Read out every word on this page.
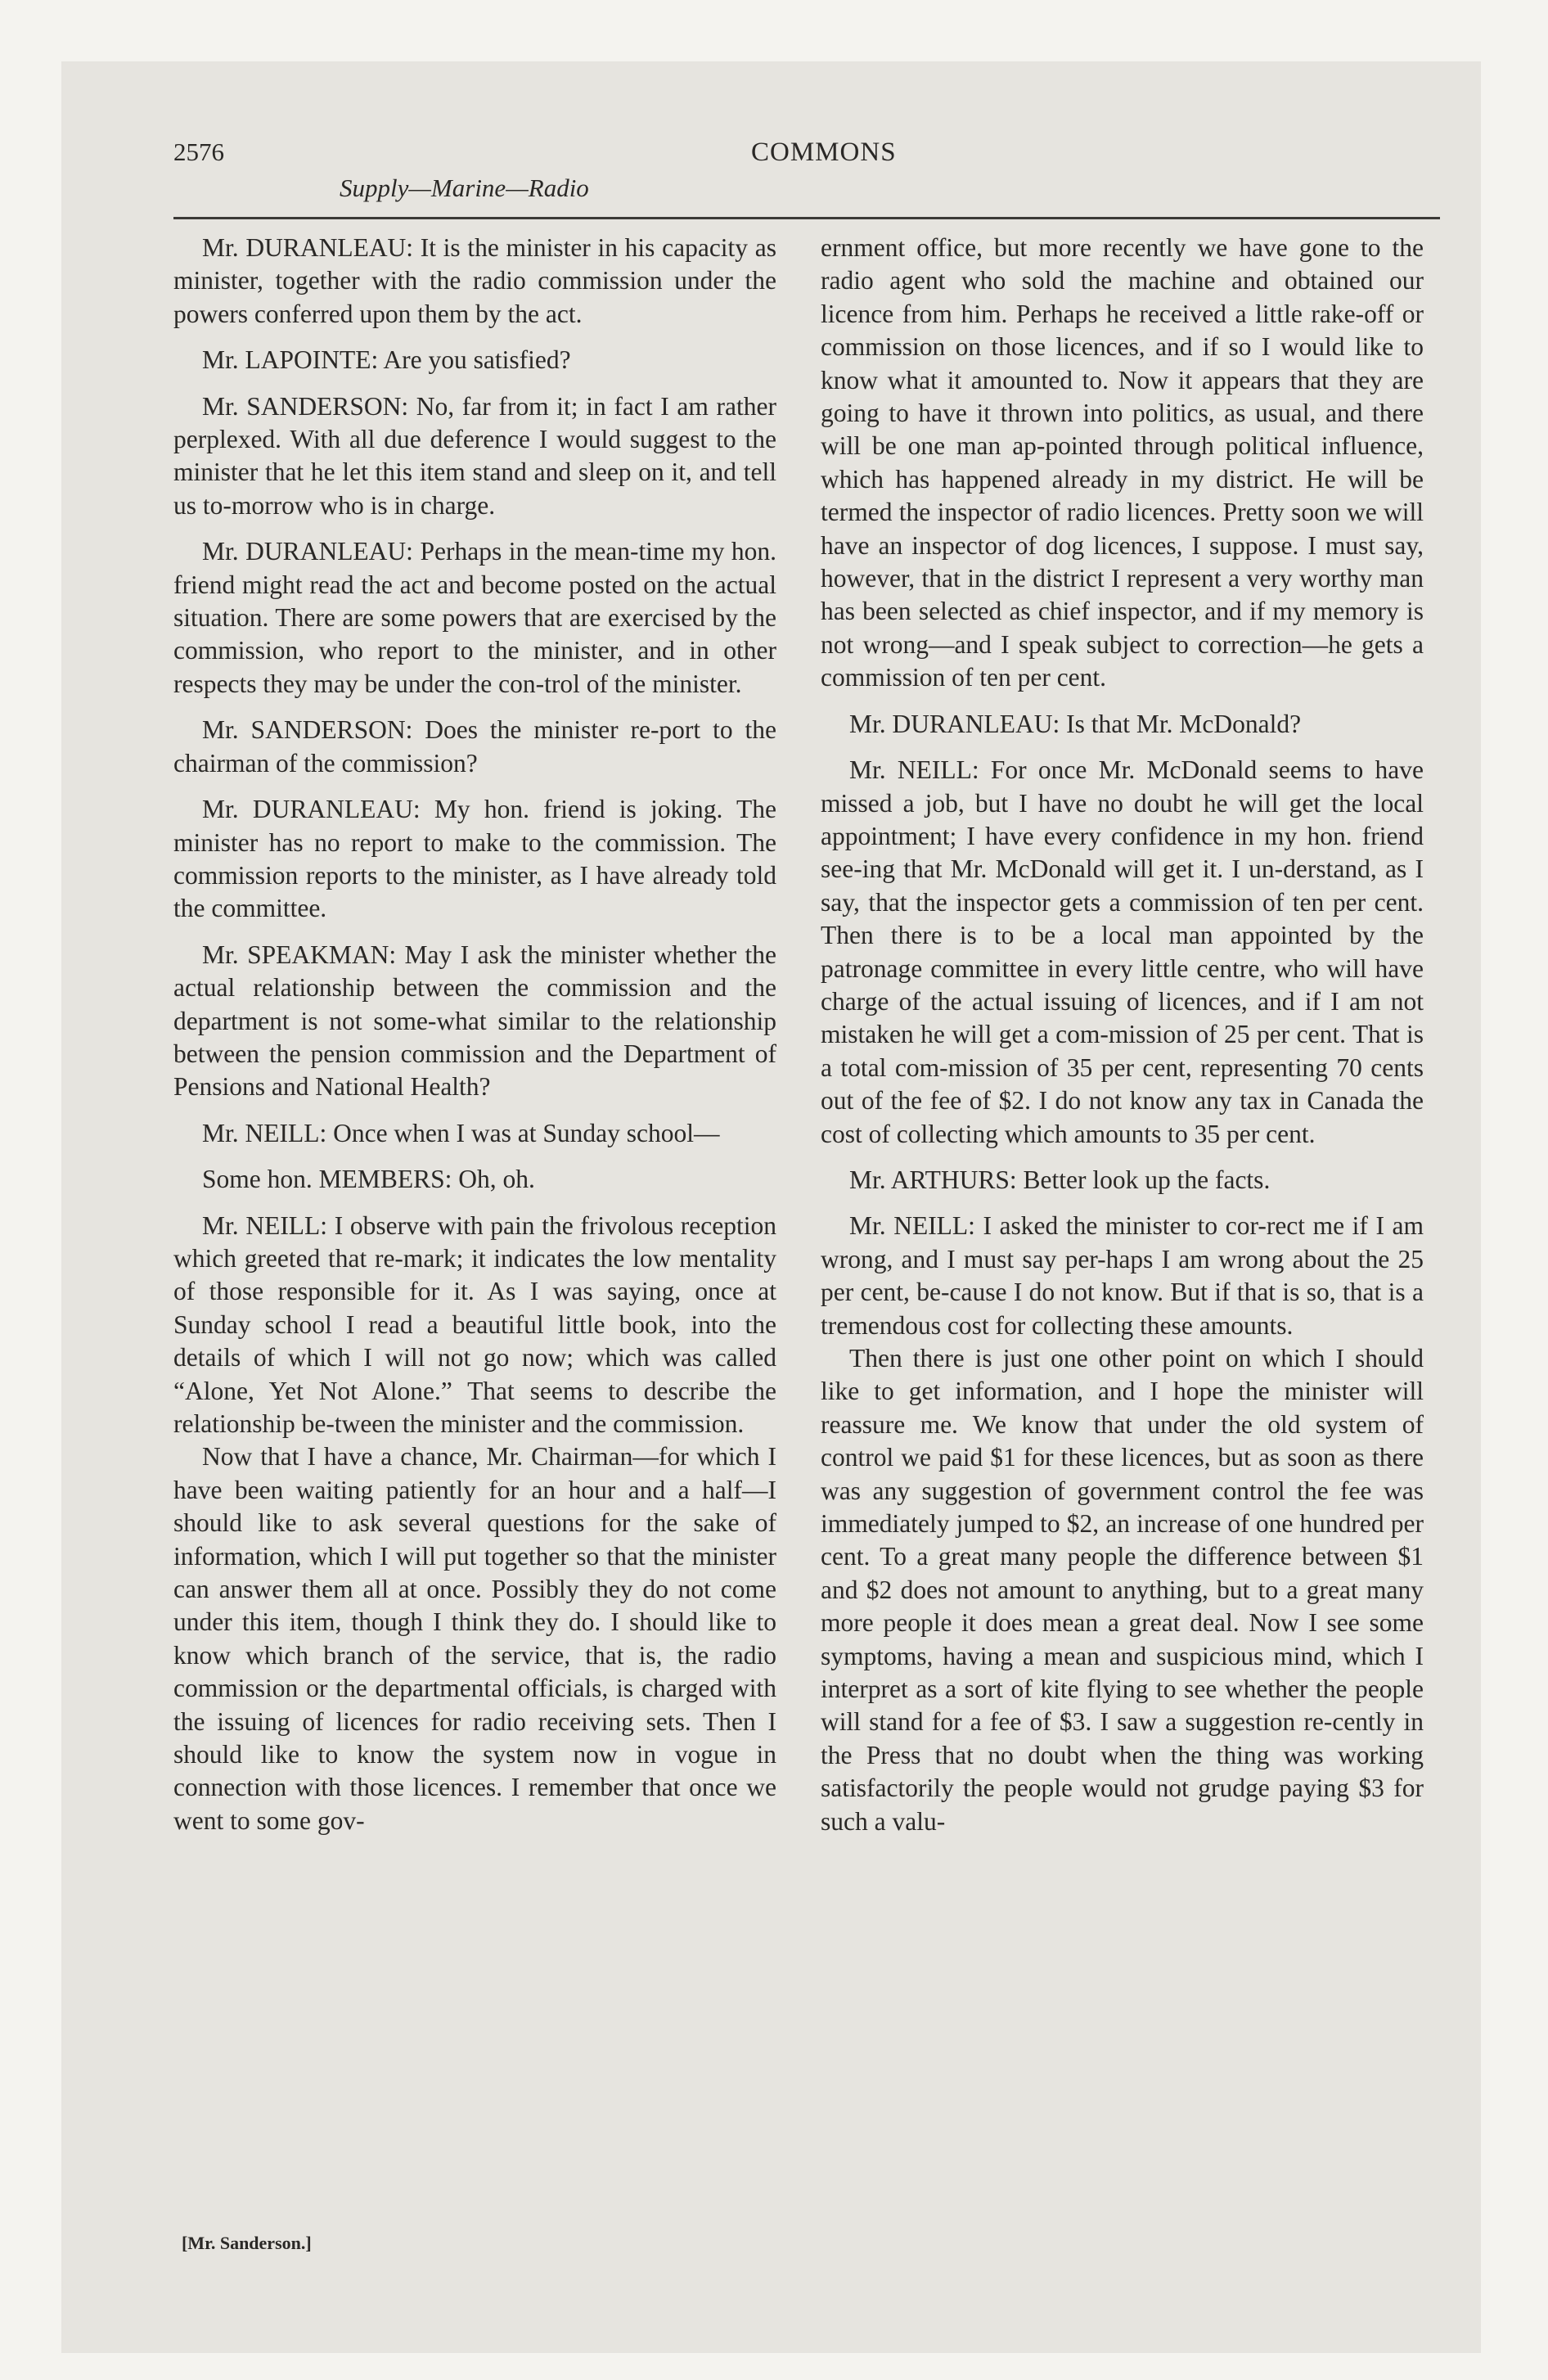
2576	COMMONS
Supply—Marine—Radio

Mr. DURANLEAU: It is the minister in his capacity as minister, together with the radio commission under the powers conferred upon them by the act.

Mr. LAPOINTE: Are you satisfied?

Mr. SANDERSON: No, far from it; in fact I am rather perplexed. With all due deference I would suggest to the minister that he let this item stand and sleep on it, and tell us to-morrow who is in charge.

Mr. DURANLEAU: Perhaps in the mean-time my hon. friend might read the act and become posted on the actual situation. There are some powers that are exercised by the commission, who report to the minister, and in other respects they may be under the con-trol of the minister.

Mr. SANDERSON: Does the minister re-port to the chairman of the commission?

Mr. DURANLEAU: My hon. friend is joking. The minister has no report to make to the commission. The commission reports to the minister, as I have already told the committee.

Mr. SPEAKMAN: May I ask the minister whether the actual relationship between the commission and the department is not some-what similar to the relationship between the pension commission and the Department of Pensions and National Health?

Mr. NEILL: Once when I was at Sunday school—

Some hon. MEMBERS: Oh, oh.

Mr. NEILL: I observe with pain the frivolous reception which greeted that re-mark; it indicates the low mentality of those responsible for it. As I was saying, once at Sunday school I read a beautiful little book, into the details of which I will not go now; which was called “Alone, Yet Not Alone.” That seems to describe the relationship be-tween the minister and the commission.

Now that I have a chance, Mr. Chairman—for which I have been waiting patiently for an hour and a half—I should like to ask several questions for the sake of information, which I will put together so that the minister can answer them all at once. Possibly they do not come under this item, though I think they do. I should like to know which branch of the service, that is, the radio commission or the departmental officials, is charged with the issuing of licences for radio receiving sets. Then I should like to know the system now in vogue in connection with those licences. I remember that once we went to some gov-

ernment office, but more recently we have gone to the radio agent who sold the machine and obtained our licence from him. Perhaps he received a little rake-off or commission on those licences, and if so I would like to know what it amounted to. Now it appears that they are going to have it thrown into politics, as usual, and there will be one man ap-pointed through political influence, which has happened already in my district. He will be termed the inspector of radio licences. Pretty soon we will have an inspector of dog licences, I suppose. I must say, however, that in the district I represent a very worthy man has been selected as chief inspector, and if my memory is not wrong—and I speak subject to correction—he gets a commission of ten per cent.

Mr. DURANLEAU: Is that Mr. McDonald?

Mr. NEILL: For once Mr. McDonald seems to have missed a job, but I have no doubt he will get the local appointment; I have every confidence in my hon. friend see-ing that Mr. McDonald will get it. I un-derstand, as I say, that the inspector gets a commission of ten per cent. Then there is to be a local man appointed by the patronage committee in every little centre, who will have charge of the actual issuing of licences, and if I am not mistaken he will get a com-mission of 25 per cent. That is a total com-mission of 35 per cent, representing 70 cents out of the fee of $2. I do not know any tax in Canada the cost of collecting which amounts to 35 per cent.

Mr. ARTHURS: Better look up the facts.

Mr. NEILL: I asked the minister to cor-rect me if I am wrong, and I must say per-haps I am wrong about the 25 per cent, be-cause I do not know. But if that is so, that is a tremendous cost for collecting these amounts.

Then there is just one other point on which I should like to get information, and I hope the minister will reassure me. We know that under the old system of control we paid $1 for these licences, but as soon as there was any suggestion of government control the fee was immediately jumped to $2, an increase of one hundred per cent. To a great many people the difference between $1 and $2 does not amount to anything, but to a great many more people it does mean a great deal. Now I see some symptoms, having a mean and suspicious mind, which I interpret as a sort of kite flying to see whether the people will stand for a fee of $3. I saw a suggestion re-cently in the Press that no doubt when the thing was working satisfactorily the people would not grudge paying $3 for such a valu-

[Mr. Sanderson.]
